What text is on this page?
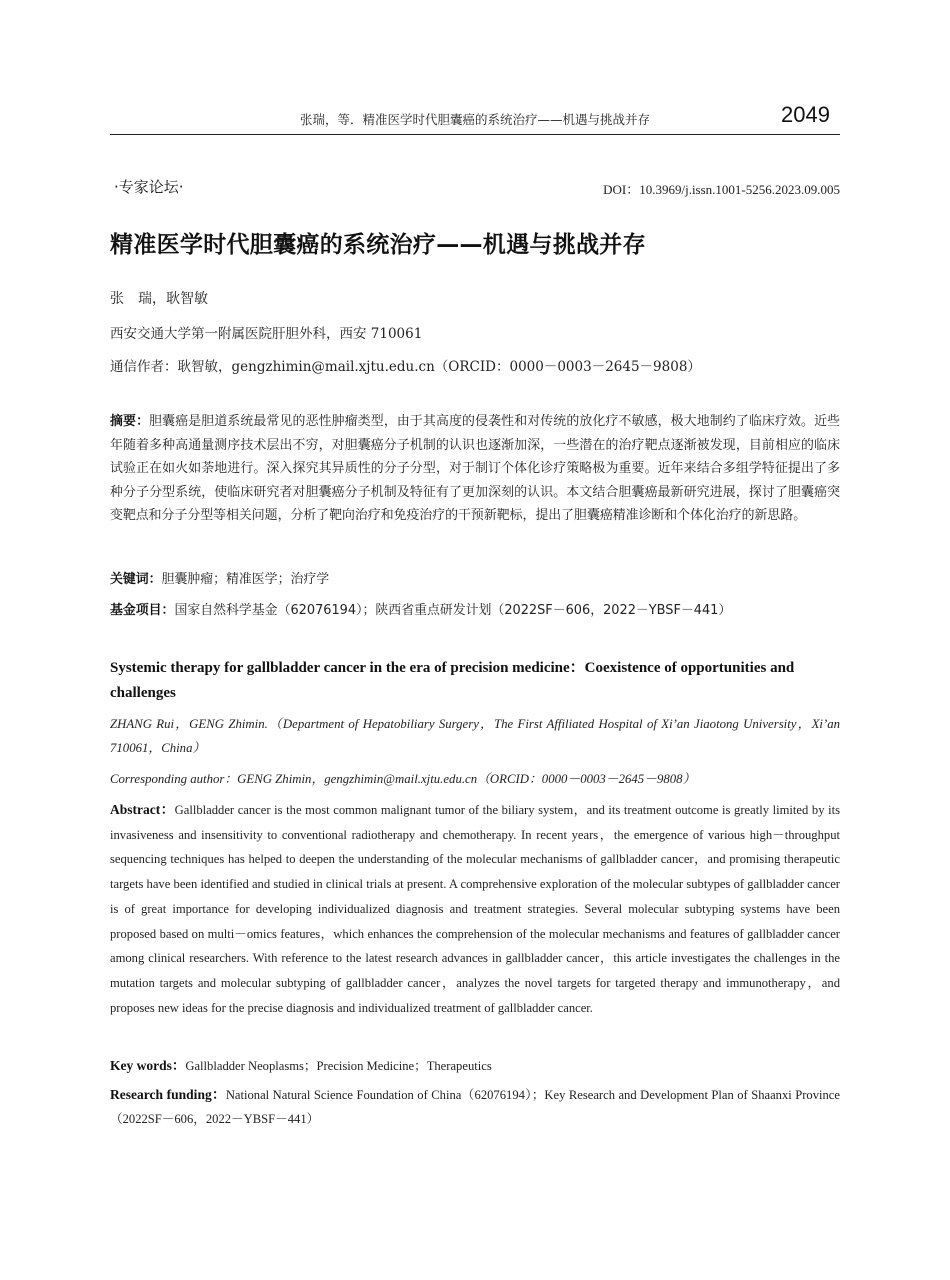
张瑞，等．精准医学时代胆囊癌的系统治疗——机遇与挑战并存	2049
·专家论坛·	DOI：10.3969/j.issn.1001-5256.2023.09.005
精准医学时代胆囊癌的系统治疗——机遇与挑战并存
张　瑞，耿智敏
西安交通大学第一附属医院肝胆外科，西安 710061
通信作者：耿智敏，gengzhimin@mail.xjtu.edu.cn（ORCID：0000－0003－2645－9808）
摘要：胆囊癌是胆道系统最常见的恶性肿瘤类型，由于其高度的侵袭性和对传统的放化疗不敏感，极大地制约了临床疗效。近些年随着多种高通量测序技术层出不穷，对胆囊癌分子机制的认识也逐渐加深，一些潜在的治疗靶点逐渐被发现，目前相应的临床试验正在如火如荼地进行。深入探究其异质性的分子分型，对于制订个体化诊疗策略极为重要。近年来结合多组学特征提出了多种分子分型系统，使临床研究者对胆囊癌分子机制及特征有了更加深刻的认识。本文结合胆囊癌最新研究进展，探讨了胆囊癌突变靶点和分子分型等相关问题，分析了靶向治疗和免疫治疗的干预新靶标，提出了胆囊癌精准诊断和个体化治疗的新思路。
关键词：胆囊肿瘤；精准医学；治疗学
基金项目：国家自然科学基金（62076194）；陕西省重点研发计划（2022SF－606，2022－YBSF－441）
Systemic therapy for gallbladder cancer in the era of precision medicine：Coexistence of opportunities and challenges
ZHANG Rui，GENG Zhimin.（Department of Hepatobiliary Surgery，The First Affiliated Hospital of Xi’an Jiaotong University，Xi’an 710061，China）
Corresponding author：GENG Zhimin，gengzhimin@mail.xjtu.edu.cn（ORCID：0000－0003－2645－9808）
Abstract：Gallbladder cancer is the most common malignant tumor of the biliary system，and its treatment outcome is greatly limited by its invasiveness and insensitivity to conventional radiotherapy and chemotherapy. In recent years，the emergence of various high－throughput sequencing techniques has helped to deepen the understanding of the molecular mechanisms of gallbladder cancer，and promising therapeutic targets have been identified and studied in clinical trials at present. A comprehensive exploration of the molecular subtypes of gallbladder cancer is of great importance for developing individualized diagnosis and treatment strategies. Several molecular subtyping systems have been proposed based on multi－omics features，which enhances the comprehension of the molecular mechanisms and features of gallbladder cancer among clinical researchers. With reference to the latest research advances in gallbladder cancer，this article investigates the challenges in the mutation targets and molecular subtyping of gallbladder cancer，analyzes the novel targets for targeted therapy and immunotherapy，and proposes new ideas for the precise diagnosis and individualized treatment of gallbladder cancer.
Key words：Gallbladder Neoplasms；Precision Medicine；Therapeutics
Research funding：National Natural Science Foundation of China（62076194）；Key Research and Development Plan of Shaanxi Province（2022SF－606，2022－YBSF－441）
